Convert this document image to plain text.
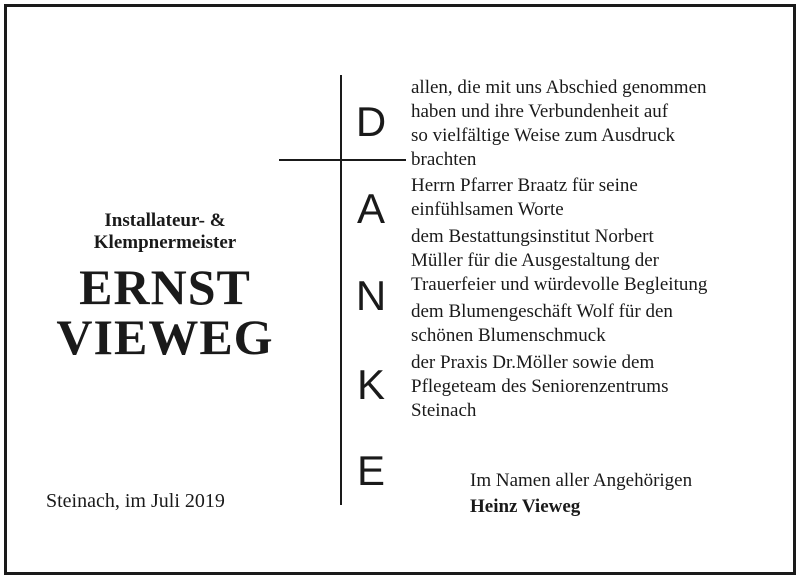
Installateur- &
Klempnermeister
ERNST
VIEWEG
Steinach, im Juli 2019
D
A
N
K
E
allen, die mit uns Abschied genommen
haben und ihre Verbundenheit auf
so vielfältige Weise zum Ausdruck
brachten
Herrn Pfarrer Braatz für seine
einfühlsamen Worte
dem Bestattungsinstitut Norbert
Müller für die Ausgestaltung der
Trauerfeier und würdevolle Begleitung
dem Blumengeschäft Wolf für den
schönen Blumenschmuck
der Praxis Dr.Möller sowie dem
Pflegeteam des Seniorenzentrums
Steinach
Im Namen aller Angehörigen
Heinz Vieweg
